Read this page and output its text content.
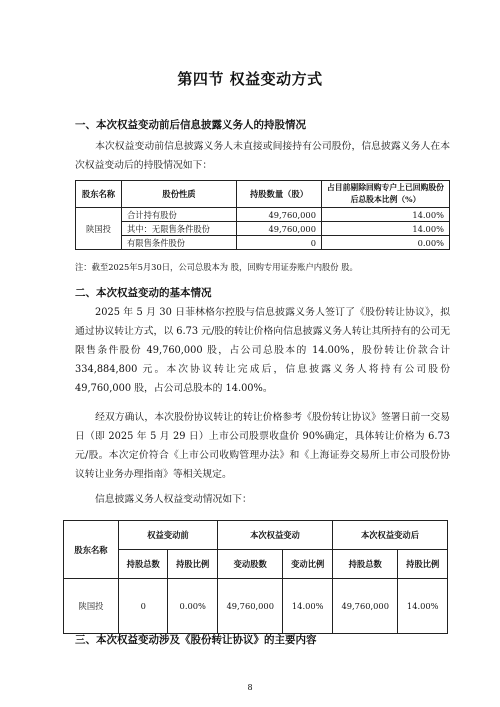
第四节 权益变动方式
一、本次权益变动前后信息披露义务人的持股情况
本次权益变动前信息披露义务人未直接或间接持有公司股份，信息披露义务人在本次权益变动后的持股情况如下：
股东名称	股份性质	持股数量（股）	占目前剔除回购专户上已回购股份后总股本比例（%）
陕国投	合计持有股份	49,760,000	14.00%
	其中：无限售条件股份	49,760,000	14.00%
	有限售条件股份	0	0.00%
注：截至2025年5月30日，公司总股本为 股，回购专用证券账户内股份 股。
二、本次权益变动的基本情况
2025 年 5 月 30 日菲林格尔控股与信息披露义务人签订了《股份转让协议》，拟通过协议转让方式，以 6.73 元/股的转让价格向信息披露义务人转让其所持有的公司无限售条件股份 49,760,000 股，占公司总股本的 14.00%，股份转让价款合计 334,884,800 元。本次协议转让完成后，信息披露义务人将持有公司股份 49,760,000 股，占公司总股本的 14.00%。
经双方确认，本次股份协议转让的转让价格参考《股份转让协议》签署日前一交易日（即 2025 年 5 月 29 日）上市公司股票收盘价 90%确定，具体转让价格为 6.73 元/股。本次定价符合《上市公司收购管理办法》和《上海证券交易所上市公司股份协议转让业务办理指南》等相关规定。
信息披露义务人权益变动情况如下：
股东名称	权益变动前		本次权益变动		本次权益变动后	
	持股总数	持股比例	变动股数	变动比例	持股总数	持股比例
陕国投	0	0.00%	49,760,000	14.00%	49,760,000	14.00%
三、本次权益变动涉及《股份转让协议》的主要内容
8
